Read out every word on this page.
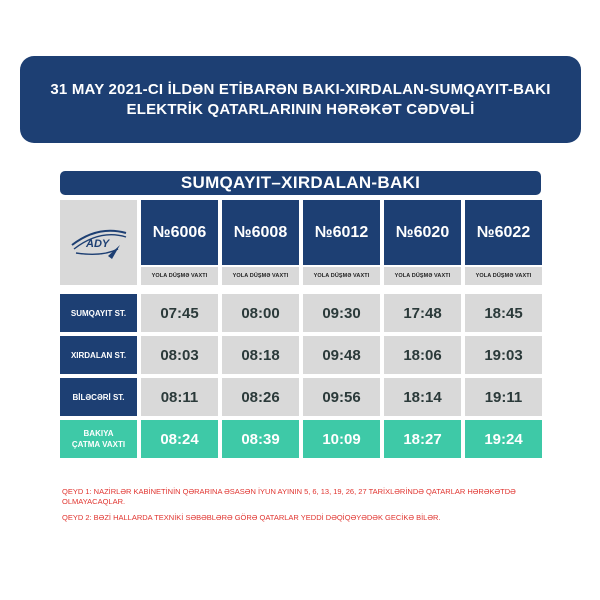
31 MAY 2021-CI İLDƏN ETİBARƏN BAKI-XIRDALAN-SUMQAYIT-BAKI
ELEKTRİK QATARLARININ HƏRƏKƏT CƏDVƏLİ
SUMQAYIT–XIRDALAN-BAKI
ADY
№6006	№6008	№6012	№6020	№6022
YOLA DÜŞMƏ VAXTI	YOLA DÜŞMƏ VAXTI	YOLA DÜŞMƏ VAXTI	YOLA DÜŞMƏ VAXTI	YOLA DÜŞMƏ VAXTI
SUMQAYIT ST.	07:45	08:00	09:30	17:48	18:45
XIRDALAN ST.	08:03	08:18	09:48	18:06	19:03
BİLƏCƏRİ ST.	08:11	08:26	09:56	18:14	19:11
BAKIYA
ÇATMA VAXTI	08:24	08:39	10:09	18:27	19:24
QEYD 1: NAZİRLƏR KABİNETİNİN QƏRARINA ƏSASƏN İYUN AYININ 5, 6, 13, 19, 26, 27 TARİXLƏRİNDƏ QATARLAR HƏRƏKƏTDƏ OLMAYACAQLAR.
QEYD 2: BƏZİ HALLARDA TEXNİKİ SƏBƏBLƏRƏ GÖRƏ QATARLAR YEDDİ DƏQİQƏYƏDƏK GECİKƏ BİLƏR.
